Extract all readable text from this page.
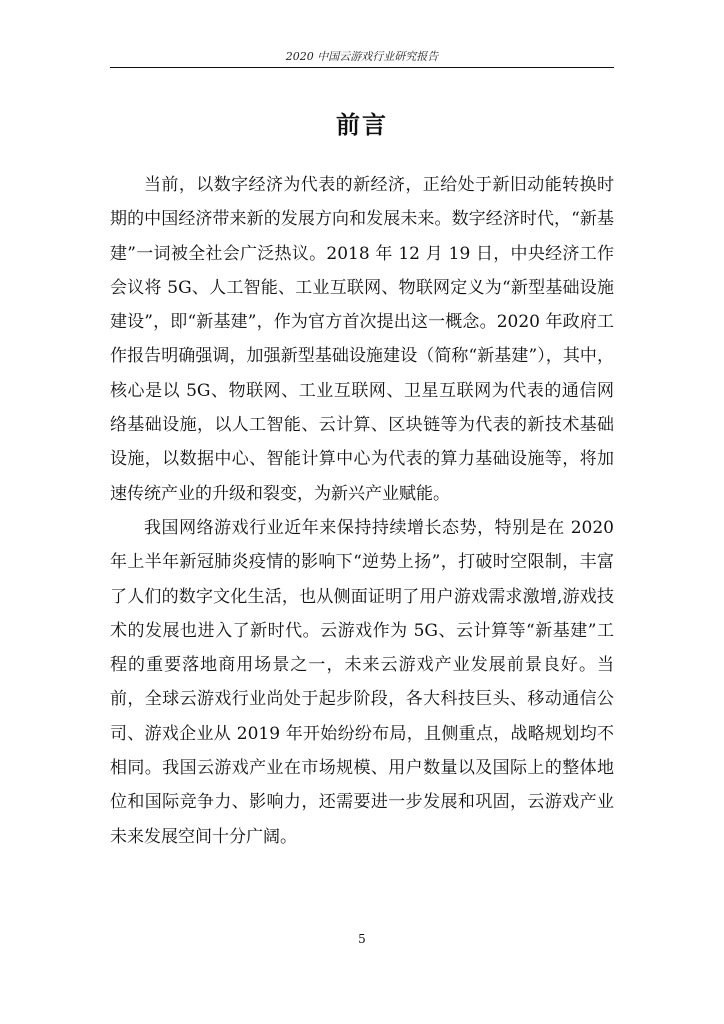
2020 中国云游戏行业研究报告
前言

当前，以数字经济为代表的新经济，正给处于新旧动能转换时期的中国经济带来新的发展方向和发展未来。数字经济时代，“新基建”一词被全社会广泛热议。2018 年 12 月 19 日，中央经济工作会议将 5G、人工智能、工业互联网、物联网定义为“新型基础设施建设”，即“新基建”，作为官方首次提出这一概念。2020 年政府工作报告明确强调，加强新型基础设施建设（简称“新基建”），其中，核心是以 5G、物联网、工业互联网、卫星互联网为代表的通信网络基础设施，以人工智能、云计算、区块链等为代表的新技术基础设施，以数据中心、智能计算中心为代表的算力基础设施等，将加速传统产业的升级和裂变，为新兴产业赋能。

我国网络游戏行业近年来保持持续增长态势，特别是在 2020 年上半年新冠肺炎疫情的影响下“逆势上扬”，打破时空限制，丰富了人们的数字文化生活，也从侧面证明了用户游戏需求激增,游戏技术的发展也进入了新时代。云游戏作为 5G、云计算等“新基建”工程的重要落地商用场景之一，未来云游戏产业发展前景良好。当前，全球云游戏行业尚处于起步阶段，各大科技巨头、移动通信公司、游戏企业从 2019 年开始纷纷布局，且侧重点，战略规划均不相同。我国云游戏产业在市场规模、用户数量以及国际上的整体地位和国际竞争力、影响力，还需要进一步发展和巩固，云游戏产业未来发展空间十分广阔。

5
